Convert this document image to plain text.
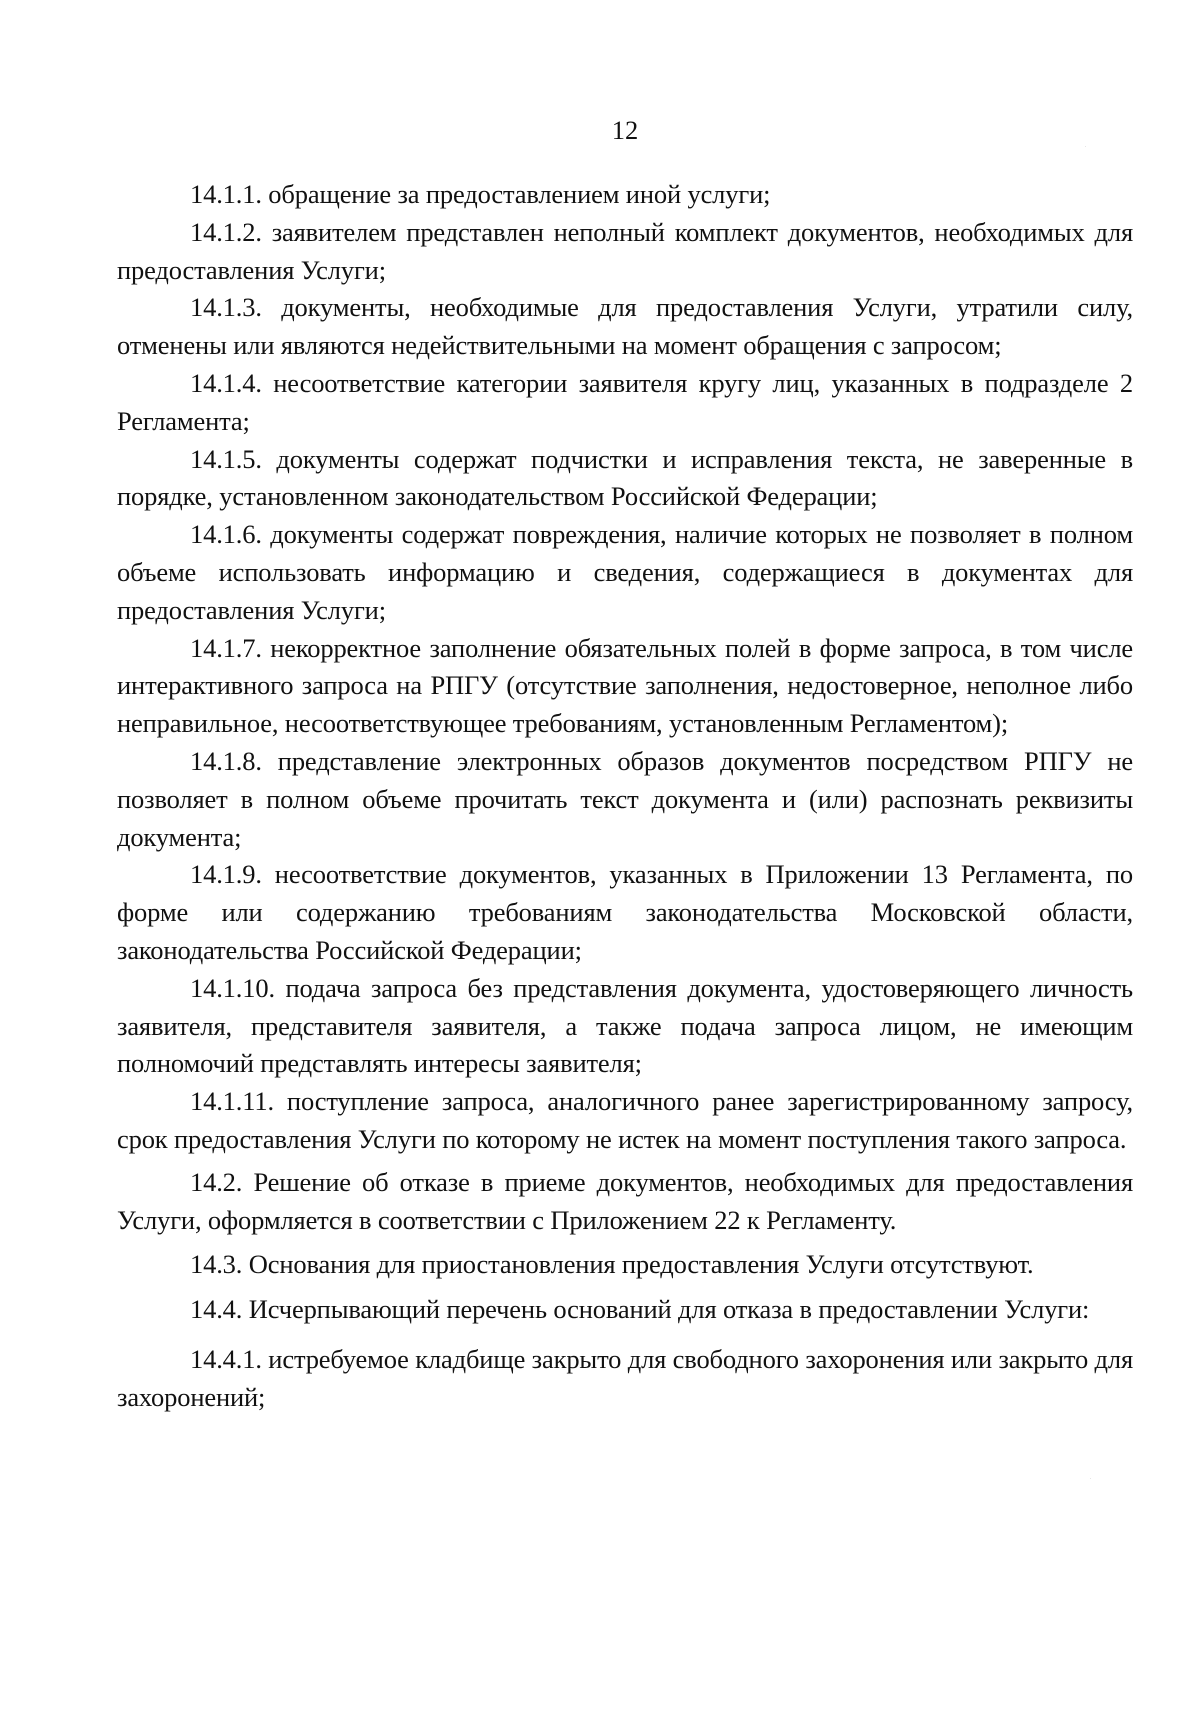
12

14.1.1. обращение за предоставлением иной услуги;

14.1.2. заявителем представлен неполный комплект документов, необходимых для предоставления Услуги;

14.1.3. документы, необходимые для предоставления Услуги, утратили силу, отменены или являются недействительными на момент обращения с запросом;

14.1.4. несоответствие категории заявителя кругу лиц, указанных в подразделе 2 Регламента;

14.1.5. документы содержат подчистки и исправления текста, не заверенные в порядке, установленном законодательством Российской Федерации;

14.1.6. документы содержат повреждения, наличие которых не позволяет в полном объеме использовать информацию и сведения, содержащиеся в документах для предоставления Услуги;

14.1.7. некорректное заполнение обязательных полей в форме запроса, в том числе интерактивного запроса на РПГУ (отсутствие заполнения, недостоверное, неполное либо неправильное, несоответствующее требованиям, установленным Регламентом);

14.1.8. представление электронных образов документов посредством РПГУ не позволяет в полном объеме прочитать текст документа и (или) распознать реквизиты документа;

14.1.9. несоответствие документов, указанных в Приложении 13 Регламента, по форме или содержанию требованиям законодательства Московской области, законодательства Российской Федерации;

14.1.10. подача запроса без представления документа, удостоверяющего личность заявителя, представителя заявителя, а также подача запроса лицом, не имеющим полномочий представлять интересы заявителя;

14.1.11. поступление запроса, аналогичного ранее зарегистрированному запросу, срок предоставления Услуги по которому не истек на момент поступления такого запроса.

14.2. Решение об отказе в приеме документов, необходимых для предоставления Услуги, оформляется в соответствии с Приложением 22 к Регламенту.

14.3. Основания для приостановления предоставления Услуги отсутствуют.

14.4. Исчерпывающий перечень оснований для отказа в предоставлении Услуги:

14.4.1. истребуемое кладбище закрыто для свободного захоронения или закрыто для захоронений;
